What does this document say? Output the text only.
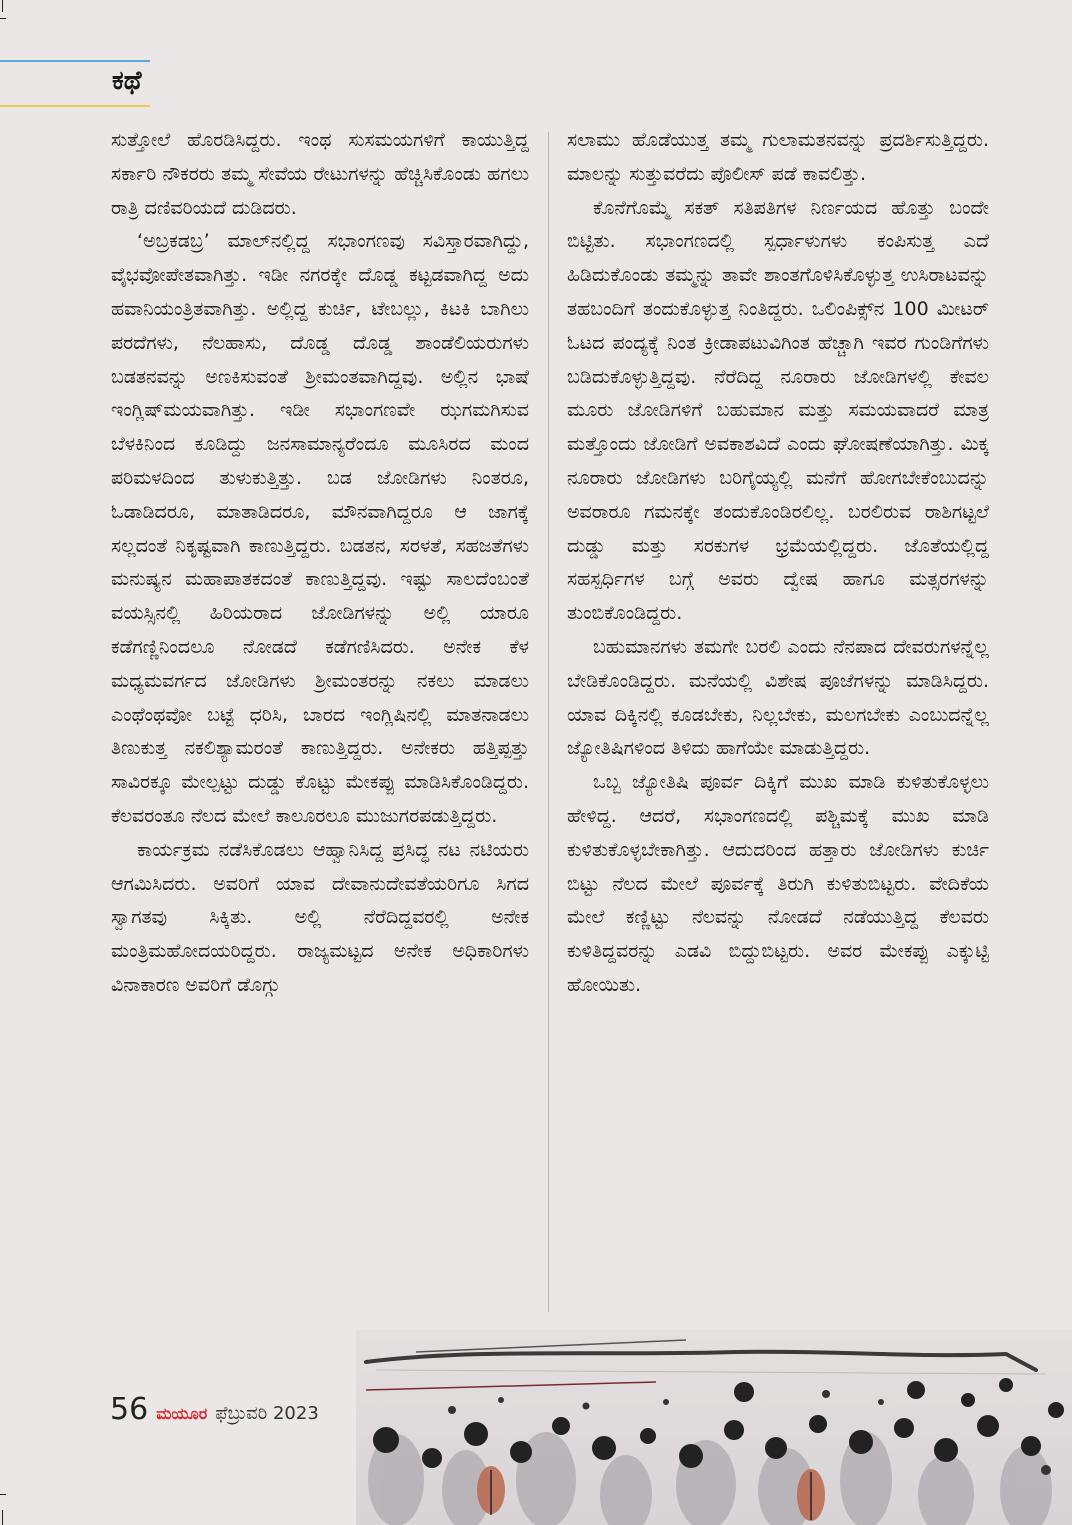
ಕಥೆ

ಸುತ್ತೋಲೆ ಹೊರಡಿಸಿದ್ದರು. ಇಂಥ ಸುಸಮಯಗಳಿಗೆ ಕಾಯುತ್ತಿದ್ದ ಸರ್ಕಾರಿ ನೌಕರರು ತಮ್ಮ ಸೇವೆಯ ರೇಟುಗಳನ್ನು ಹೆಚ್ಚಿಸಿಕೊಂಡು ಹಗಲು ರಾತ್ರಿ ದಣಿವರಿಯದೆ ದುಡಿದರು.

‘ಅಬ್ರಕಡಬ್ರ’ ಮಾಲ್‌ನಲ್ಲಿದ್ದ ಸಭಾಂಗಣವು ಸವಿಸ್ತಾರವಾಗಿದ್ದು, ವೈಭವೋಪೇತವಾಗಿತ್ತು. ಇಡೀ ನಗರಕ್ಕೇ ದೊಡ್ಡ ಕಟ್ಟಡವಾಗಿದ್ದ ಅದು ಹವಾನಿಯಂತ್ರಿತವಾಗಿತ್ತು. ಅಲ್ಲಿದ್ದ ಕುರ್ಚಿ, ಟೇಬಲ್ಲು, ಕಿಟಕಿ ಬಾಗಿಲು ಪರದೆಗಳು, ನೆಲಹಾಸು, ದೊಡ್ಡ ದೊಡ್ಡ ಶಾಂಡೆಲಿಯರುಗಳು ಬಡತನವನ್ನು ಅಣಕಿಸುವಂತೆ ಶ್ರೀಮಂತವಾಗಿದ್ದವು. ಅಲ್ಲಿನ ಭಾಷೆ ಇಂಗ್ಲಿಷ್‌ಮಯವಾಗಿತ್ತು. ಇಡೀ ಸಭಾಂಗಣವೇ ಝಗಮಗಿಸುವ ಬೆಳಕಿನಿಂದ ಕೂಡಿದ್ದು ಜನಸಾಮಾನ್ಯರೆಂದೂ ಮೂಸಿರದ ಮಂದ ಪರಿಮಳದಿಂದ ತುಳುಕುತ್ತಿತ್ತು. ಬಡ ಜೋಡಿಗಳು ನಿಂತರೂ, ಓಡಾಡಿದರೂ, ಮಾತಾಡಿದರೂ, ಮೌನವಾಗಿದ್ದರೂ ಆ ಜಾಗಕ್ಕೆ ಸಲ್ಲದಂತೆ ನಿಕೃಷ್ಟವಾಗಿ ಕಾಣುತ್ತಿದ್ದರು. ಬಡತನ, ಸರಳತೆ, ಸಹಜತೆಗಳು ಮನುಷ್ಯನ ಮಹಾಪಾತಕದಂತೆ ಕಾಣುತ್ತಿದ್ದವು. ಇಷ್ಟು ಸಾಲದೆಂಬಂತೆ ವಯಸ್ಸಿನಲ್ಲಿ ಹಿರಿಯರಾದ ಜೋಡಿಗಳನ್ನು ಅಲ್ಲಿ ಯಾರೂ ಕಡೆಗಣ್ಣಿನಿಂದಲೂ ನೋಡದೆ ಕಡೆಗಣಿಸಿದರು. ಅನೇಕ ಕೆಳ ಮಧ್ಯಮವರ್ಗದ ಜೋಡಿಗಳು ಶ್ರೀಮಂತರನ್ನು ನಕಲು ಮಾಡಲು ಎಂಥೆಂಥವೋ ಬಟ್ಟೆ ಧರಿಸಿ, ಬಾರದ ಇಂಗ್ಲಿಷಿನಲ್ಲಿ ಮಾತನಾಡಲು ತಿಣುಕುತ್ತ ನಕಲಿಶ್ಯಾಮರಂತೆ ಕಾಣುತ್ತಿದ್ದರು. ಅನೇಕರು ಹತ್ತಿಪ್ಪತ್ತು ಸಾವಿರಕ್ಕೂ ಮೇಲ್ಪಟ್ಟು ದುಡ್ಡು ಕೊಟ್ಟು ಮೇಕಪ್ಪು ಮಾಡಿಸಿಕೊಂಡಿದ್ದರು. ಕೆಲವರಂತೂ ನೆಲದ ಮೇಲೆ ಕಾಲೂರಲೂ ಮುಜುಗರಪಡುತ್ತಿದ್ದರು.

ಕಾರ್ಯಕ್ರಮ ನಡೆಸಿಕೊಡಲು ಆಹ್ವಾನಿಸಿದ್ದ ಪ್ರಸಿದ್ಧ ನಟ ನಟಿಯರು ಆಗಮಿಸಿದರು. ಅವರಿಗೆ ಯಾವ ದೇವಾನುದೇವತೆಯರಿಗೂ ಸಿಗದ ಸ್ವಾಗತವು ಸಿಕ್ಕಿತು. ಅಲ್ಲಿ ನೆರೆದಿದ್ದವರಲ್ಲಿ ಅನೇಕ ಮಂತ್ರಿಮಹೋದಯರಿದ್ದರು. ರಾಜ್ಯಮಟ್ಟದ ಅನೇಕ ಅಧಿಕಾರಿಗಳು ವಿನಾಕಾರಣ ಅವರಿಗೆ ಡೊಗ್ಗು

ಸಲಾಮು ಹೊಡೆಯುತ್ತ ತಮ್ಮ ಗುಲಾಮತನವನ್ನು ಪ್ರದರ್ಶಿಸುತ್ತಿದ್ದರು. ಮಾಲನ್ನು ಸುತ್ತುವರೆದು ಪೊಲೀಸ್ ಪಡೆ ಕಾವಲಿತ್ತು.

ಕೊನೆಗೊಮ್ಮೆ ಸಕತ್ ಸತಿಪತಿಗಳ ನಿರ್ಣಯದ ಹೊತ್ತು ಬಂದೇ ಬಿಟ್ಟಿತು. ಸಭಾಂಗಣದಲ್ಲಿ ಸ್ಪರ್ಧಾಳುಗಳು ಕಂಪಿಸುತ್ತ ಎದೆ ಹಿಡಿದುಕೊಂಡು ತಮ್ಮನ್ನು ತಾವೇ ಶಾಂತಗೊಳಿಸಿಕೊಳ್ಳುತ್ತ ಉಸಿರಾಟವನ್ನು ತಹಬಂದಿಗೆ ತಂದುಕೊಳ್ಳುತ್ತ ನಿಂತಿದ್ದರು. ಒಲಿಂಪಿಕ್ಸ್‌ನ 100 ಮೀಟರ್ ಓಟದ ಪಂದ್ಯಕ್ಕೆ ನಿಂತ ಕ್ರೀಡಾಪಟುವಿಗಿಂತ ಹೆಚ್ಚಾಗಿ ಇವರ ಗುಂಡಿಗೆಗಳು ಬಡಿದುಕೊಳ್ಳುತ್ತಿದ್ದವು. ನೆರೆದಿದ್ದ ನೂರಾರು ಜೋಡಿಗಳಲ್ಲಿ ಕೇವಲ ಮೂರು ಜೋಡಿಗಳಿಗೆ ಬಹುಮಾನ ಮತ್ತು ಸಮಯವಾದರೆ ಮಾತ್ರ ಮತ್ತೊಂದು ಜೋಡಿಗೆ ಅವಕಾಶವಿದೆ ಎಂದು ಘೋಷಣೆಯಾಗಿತ್ತು. ಮಿಕ್ಕ ನೂರಾರು ಜೋಡಿಗಳು ಬರಿಗೈಯ್ಯಲ್ಲಿ ಮನೆಗೆ ಹೋಗಬೇಕೆಂಬುದನ್ನು ಅವರಾರೂ ಗಮನಕ್ಕೇ ತಂದುಕೊಂಡಿರಲಿಲ್ಲ. ಬರಲಿರುವ ರಾಶಿಗಟ್ಟಲೆ ದುಡ್ಡು ಮತ್ತು ಸರಕುಗಳ ಭ್ರಮೆಯಲ್ಲಿದ್ದರು. ಜೊತೆಯಲ್ಲಿದ್ದ ಸಹಸ್ಪರ್ಧಿಗಳ ಬಗ್ಗೆ ಅವರು ದ್ವೇಷ ಹಾಗೂ ಮತ್ಸರಗಳನ್ನು ತುಂಬಿಕೊಂಡಿದ್ದರು.

ಬಹುಮಾನಗಳು ತಮಗೇ ಬರಲಿ ಎಂದು ನೆನಪಾದ ದೇವರುಗಳನ್ನೆಲ್ಲ ಬೇಡಿಕೊಂಡಿದ್ದರು. ಮನೆಯಲ್ಲಿ ವಿಶೇಷ ಪೂಜೆಗಳನ್ನು ಮಾಡಿಸಿದ್ದರು. ಯಾವ ದಿಕ್ಕಿನಲ್ಲಿ ಕೂಡಬೇಕು, ನಿಲ್ಲಬೇಕು, ಮಲಗಬೇಕು ಎಂಬುದನ್ನೆಲ್ಲ ಜ್ಯೋತಿಷಿಗಳಿಂದ ತಿಳಿದು ಹಾಗೆಯೇ ಮಾಡುತ್ತಿದ್ದರು.

ಒಬ್ಬ ಜ್ಯೋತಿಷಿ ಪೂರ್ವ ದಿಕ್ಕಿಗೆ ಮುಖ ಮಾಡಿ ಕುಳಿತುಕೊಳ್ಳಲು ಹೇಳಿದ್ದ. ಆದರೆ, ಸಭಾಂಗಣದಲ್ಲಿ ಪಶ್ಚಿಮಕ್ಕೆ ಮುಖ ಮಾಡಿ ಕುಳಿತುಕೊಳ್ಳಬೇಕಾಗಿತ್ತು. ಆದುದರಿಂದ ಹತ್ತಾರು ಜೋಡಿಗಳು ಕುರ್ಚಿ ಬಿಟ್ಟು ನೆಲದ ಮೇಲೆ ಪೂರ್ವಕ್ಕೆ ತಿರುಗಿ ಕುಳಿತುಬಿಟ್ಟರು. ವೇದಿಕೆಯ ಮೇಲೆ ಕಣ್ಣಿಟ್ಟು ನೆಲವನ್ನು ನೋಡದೆ ನಡೆಯುತ್ತಿದ್ದ ಕೆಲವರು ಕುಳಿತಿದ್ದವರನ್ನು ಎಡವಿ ಬಿದ್ದುಬಿಟ್ಟರು. ಅವರ ಮೇಕಪ್ಪು ಎಕ್ಕುಟ್ಟಿ ಹೋಯಿತು.

56 ಮಯೂರ ಫೆಬ್ರುವರಿ 2023
